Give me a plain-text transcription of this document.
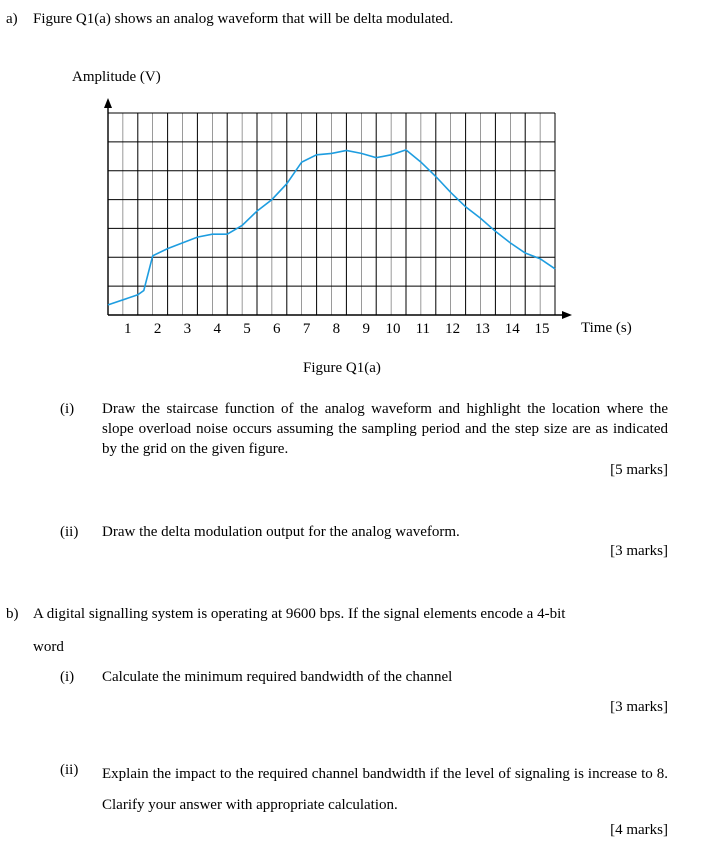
a) Figure Q1(a) shows an analog waveform that will be delta modulated.
Amplitude (V)
1 2 3 4 5 6 7 8 9 10 11 12 13 14 15 Time (s)
Figure Q1(a)
(i) Draw the staircase function of the analog waveform and highlight the location where the slope overload noise occurs assuming the sampling period and the step size are as indicated by the grid on the given figure.
[5 marks]
(ii) Draw the delta modulation output for the analog waveform.
[3 marks]
b) A digital signalling system is operating at 9600 bps. If the signal elements encode a 4-bit
word
(i) Calculate the minimum required bandwidth of the channel
[3 marks]
(ii) Explain the impact to the required channel bandwidth if the level of signaling is increase to 8. Clarify your answer with appropriate calculation.
[4 marks]
